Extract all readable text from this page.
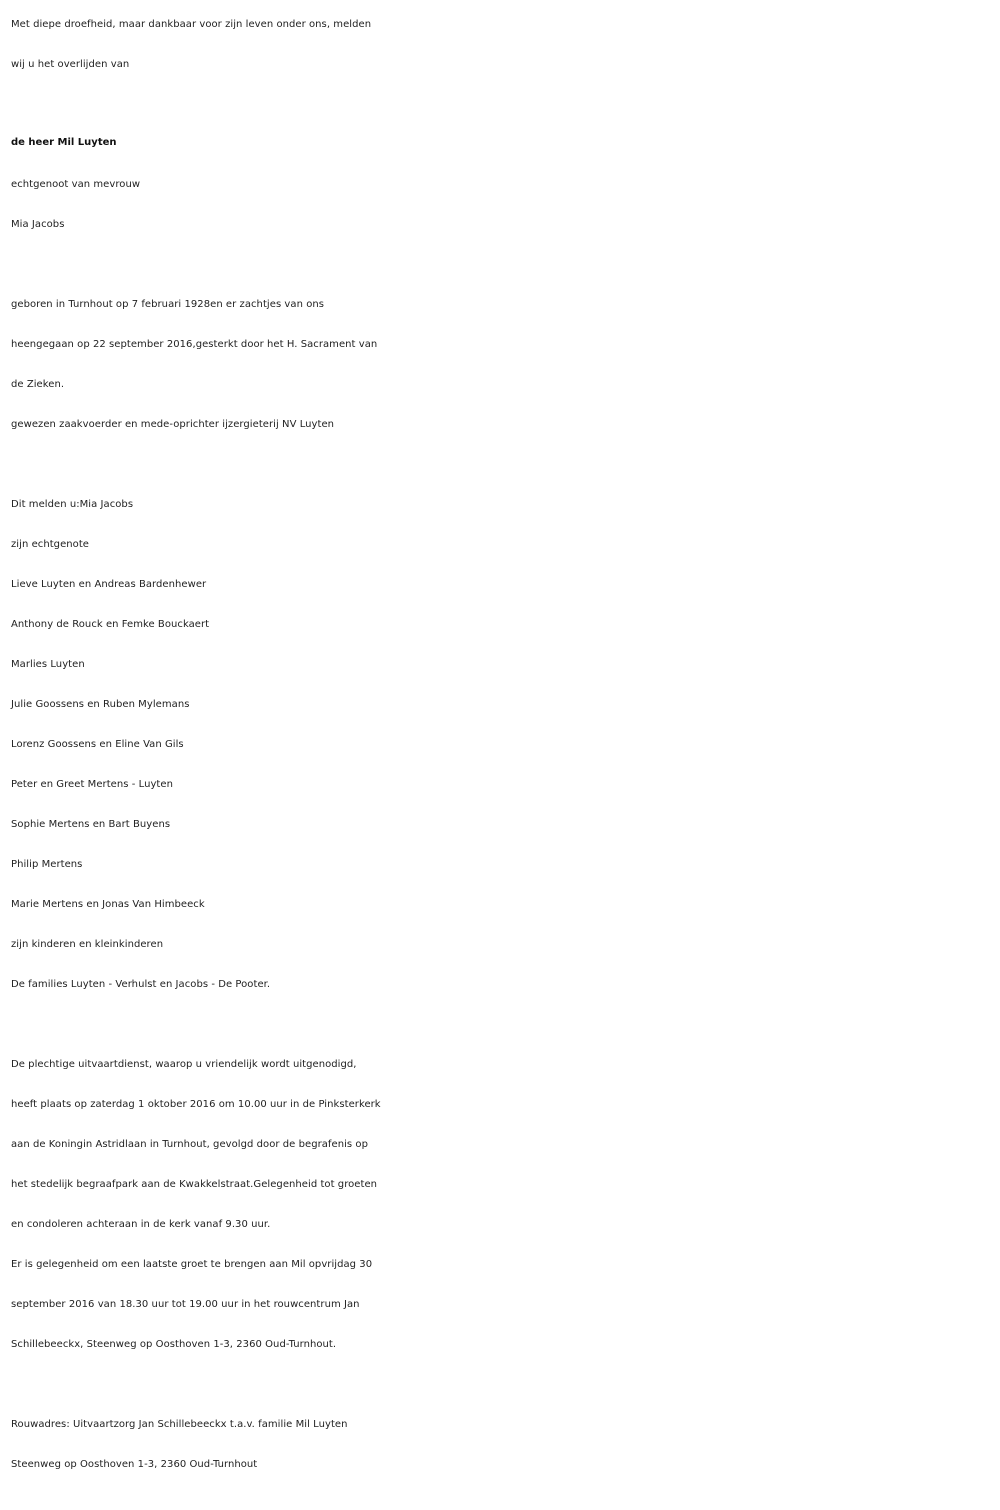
Met diepe droefheid, maar dankbaar voor zijn leven onder ons, melden
wij u het overlijden van
de heer Mil Luyten
echtgenoot van mevrouw
Mia Jacobs
geboren in Turnhout op 7 februari 1928en er zachtjes van ons
heengegaan op 22 september 2016,gesterkt door het H. Sacrament van
de Zieken.
gewezen zaakvoerder en mede-oprichter ijzergieterij NV Luyten
Dit melden u:Mia Jacobs
zijn echtgenote
Lieve Luyten en Andreas Bardenhewer
Anthony de Rouck en Femke Bouckaert
Marlies Luyten
Julie Goossens en Ruben Mylemans
Lorenz Goossens en Eline Van Gils
Peter en Greet Mertens - Luyten
Sophie Mertens en Bart Buyens
Philip Mertens
Marie Mertens en Jonas Van Himbeeck
zijn kinderen en kleinkinderen
De families Luyten - Verhulst en Jacobs - De Pooter.
De plechtige uitvaartdienst, waarop u vriendelijk wordt uitgenodigd,
heeft plaats op zaterdag 1 oktober 2016 om 10.00 uur in de Pinksterkerk
aan de Koningin Astridlaan in Turnhout, gevolgd door de begrafenis op
het stedelijk begraafpark aan de Kwakkelstraat.Gelegenheid tot groeten
en condoleren achteraan in de kerk vanaf 9.30 uur.
Er is gelegenheid om een laatste groet te brengen aan Mil opvrijdag 30
september 2016 van 18.30 uur tot 19.00 uur in het rouwcentrum Jan
Schillebeeckx, Steenweg op Oosthoven 1-3, 2360 Oud-Turnhout.
Rouwadres: Uitvaartzorg Jan Schillebeeckx t.a.v. familie Mil Luyten
Steenweg op Oosthoven 1-3, 2360 Oud-Turnhout
